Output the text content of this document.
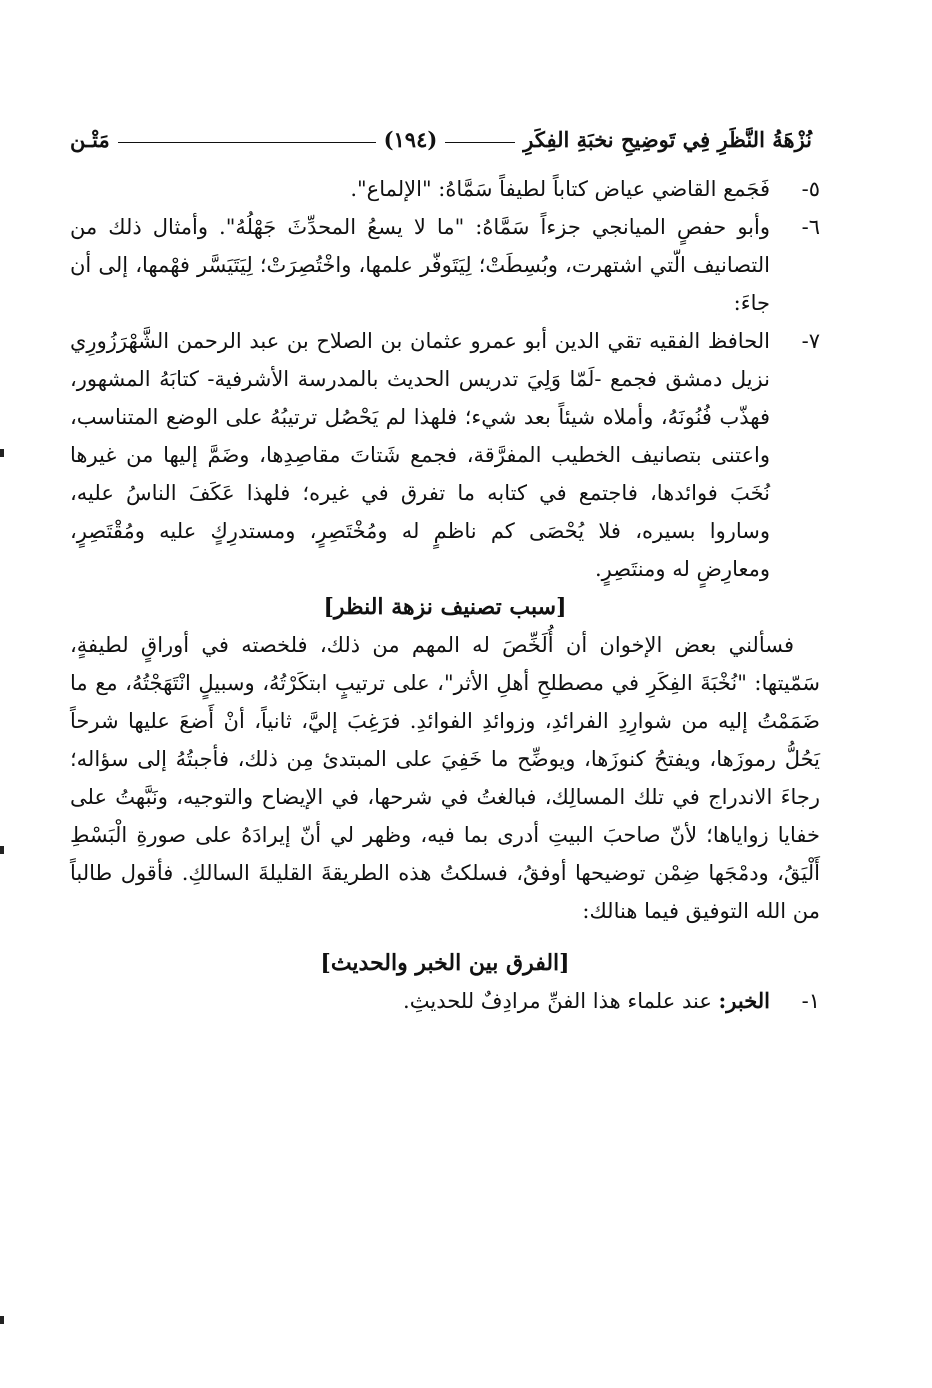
مَتْـن	(١٩٤)	نُزْهَةُ النَّظَرِ فِي تَوضِيحِ نخبَةِ الفِكَرِ
٥-
فَجَمع القاضي عياض كتاباً لطيفاً سَمَّاهُ: "الإلماع".
٦-
وأبو حفصٍ الميانجي جزءاً سَمَّاهُ: "ما لا يسعُ المحدِّثَ جَهْلُهُ". وأمثال ذلك من التصانيف الّتي اشتهرت، وبُسِطَتْ؛ لِيَتَوفّر علمها، واخْتُصِرَتْ؛ لِيَتَيَسَّر فهْمها، إلى أن جاءَ:
٧-
الحافظ الفقيه تقي الدين أبو عمرو عثمان بن الصلاح بن عبد الرحمن الشَّهْرَزُورِي نزيل دمشق فجمع -لَمّا وَلِيَ تدريس الحديث بالمدرسة الأشرفية- كتابَهُ المشهور، فهذّب فُنُونَهُ، وأملاه شيئاً بعد شيء؛ فلهذا لم يَحْصُل ترتيبُهُ على الوضع المتناسب، واعتنى بتصانيف الخطيب المفرَّقة، فجمع شَتاتَ مقاصِدِها، وضَمَّ إليها من غيرها نُخَبَ فوائدها، فاجتمع في كتابه ما تفرق في غيره؛ فلهذا عَكَفَ الناسُ عليه، وساروا بسيره، فلا يُحْصَى كم ناظمٍ له ومُخْتَصِرٍ، ومستدرِكٍ عليه ومُقْتَصِرٍ، ومعارِضٍ له ومنتَصِرٍ.

[سبب تصنيف نزهة النظر]

فسألني بعض الإخوان أن أُلَخِّصَ له المهم من ذلك، فلخصته في أوراقٍ لطيفةٍ، سَمّيتها: "نُخْبَةَ الفِكَرِ في مصطلحِ أهلِ الأثر"، على ترتيبٍ ابتكَرْتُهُ، وسبيلٍ انْتَهَجْتُهُ، مع ما ضَمَمْتُ إليه من شوارِدِ الفرائدِ، وزوائدِ الفوائدِ. فرَغِبَ إليَّ، ثانياً، أنْ أَضعَ عليها شرحاً يَحُلُّ رموزَها، ويفتحُ كنوزَها، ويوضِّح ما خَفِيَ على المبتدئ مِن ذلك، فأجبتُهُ إلى سؤاله؛ رجاءَ الاندراج في تلك المسالِك، فبالغتُ في شرحها، في الإيضاح والتوجيه، ونَبَّهتُ على خفايا زواياها؛ لأنّ صاحبَ البيتِ أدرى بما فيه، وظهر لي أنّ إيرادَهُ على صورةِ الْبَسْطِ أَلْيَقُ، ودمْجَها ضِمْن توضيحها أوفقُ، فسلكتُ هذه الطريقةَ القليلةَ السالكِ. فأقول طالباً من الله التوفيق فيما هنالك:

[الفرق بين الخبر والحديث]

١-
الخبر: عند علماء هذا الفنِّ مرادِفٌ للحديثِ.
